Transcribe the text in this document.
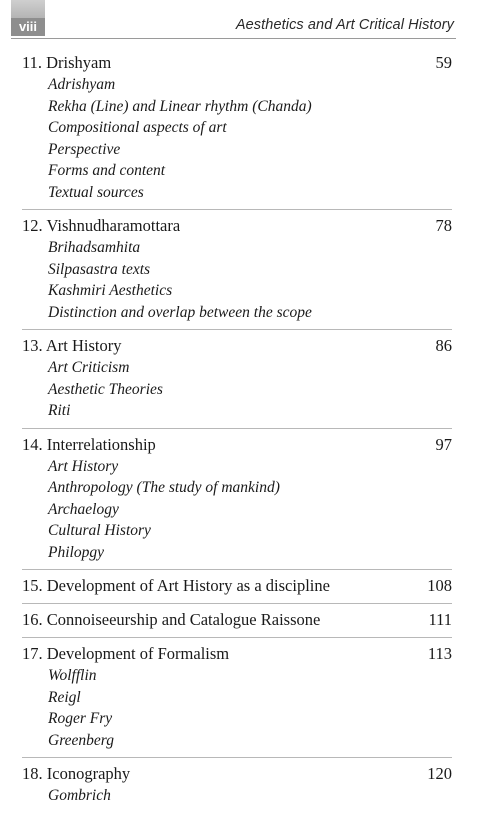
viii	Aesthetics and Art Critical History
11. Drishyam	59
Adrishyam
Rekha (Line) and Linear rhythm (Chanda)
Compositional aspects of art
Perspective
Forms and content
Textual sources
12. Vishnudharamottara	78
Brihadsamhita
Silpasastra texts
Kashmiri Aesthetics
Distinction and overlap between the scope
13. Art History	86
Art Criticism
Aesthetic Theories
Riti
14. Interrelationship	97
Art History
Anthropology (The study of mankind)
Archaelogy
Cultural History
Philopgy
15. Development of Art History as a discipline	108
16. Connoiseeurship and Catalogue Raissone	111
17. Development of Formalism	113
Wolfflin
Reigl
Roger Fry
Greenberg
18. Iconography	120
Gombrich
